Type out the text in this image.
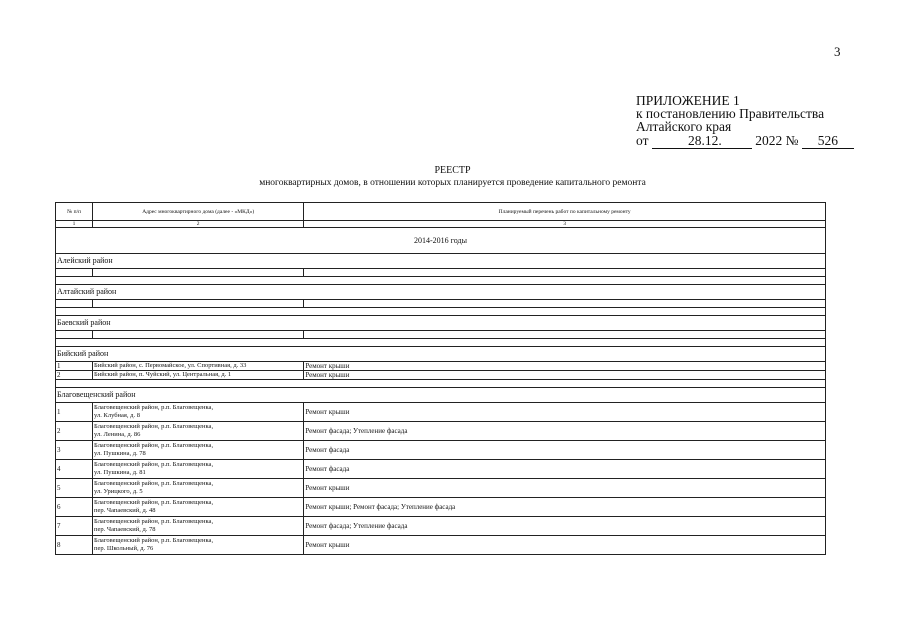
3
ПРИЛОЖЕНИЕ 1
к постановлению Правительства
Алтайского края
от	28.12. 2022 № 526
РЕЕСТР
многоквартирных домов, в отношении которых планируется проведение капитального ремонта
№ п/п	Адрес многоквартирного дома (далее - «МКД»)	Планируемый перечень работ по капитальному ремонту
1	2	3
2014-2016 годы		
Алейский район		

Алтайский район		

Баевский район		

Бийский район		
1	Бийский район, с. Первомайское, ул. Спортивная, д. 33	Ремонт крыши
2	Бийский район, п. Чуйский, ул. Центральная, д. 1	Ремонт крыши

Благовещенский район		
1	Благовещенский район, р.п. Благовещенка,
ул. Клубная, д. 8	Ремонт крыши
2	Благовещенский район, р.п. Благовещенка,
ул. Ленина, д. 86	Ремонт фасада; Утепление фасада
3	Благовещенский район, р.п. Благовещенка,
ул. Пушкина, д. 78	Ремонт фасада
4	Благовещенский район, р.п. Благовещенка,
ул. Пушкина, д. 81	Ремонт фасада
5	Благовещенский район, р.п. Благовещенка,
ул. Урицкого, д. 5	Ремонт крыши
6	Благовещенский район, р.п. Благовещенка,
пер. Чапаевский, д. 48	Ремонт крыши; Ремонт фасада; Утепление фасада
7	Благовещенский район, р.п. Благовещенка,
пер. Чапаевский, д. 78	Ремонт фасада; Утепление фасада
8	Благовещенский район, р.п. Благовещенка,
пер. Школьный, д. 76	Ремонт крыши
